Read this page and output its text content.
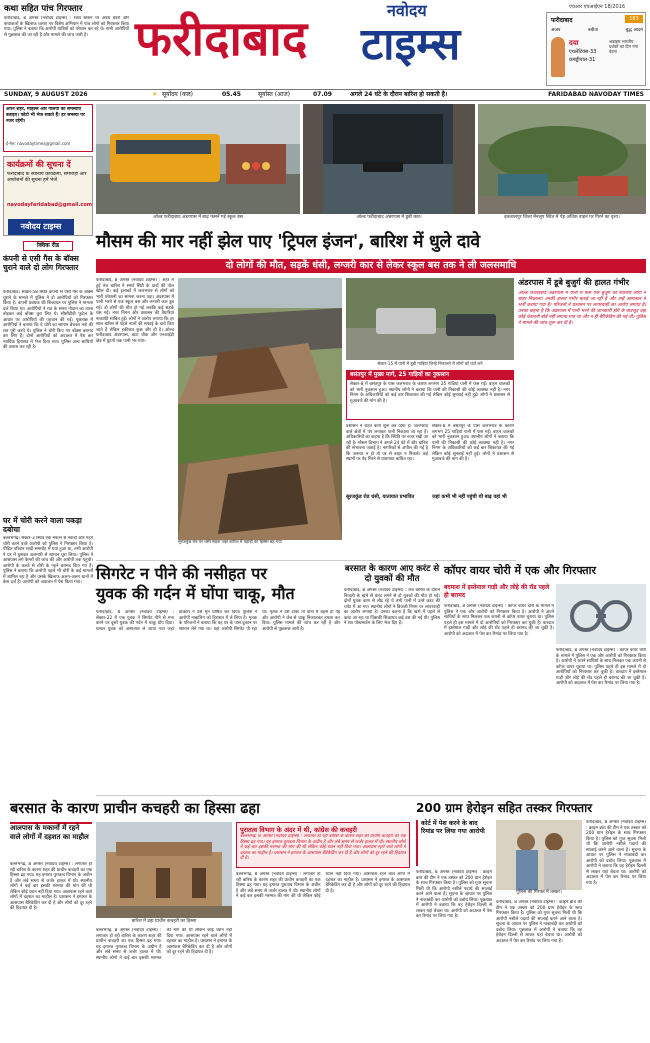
कथा सहित पांच गिरफ्तार
फरीदाबाद, 8 अगस्त (नवोदय टाइम्स) : रेलवे स्टेशन पर अवैध वेंडरों और कथाकारों के खिलाफ चलाए गए विशेष अभियान में पांच लोगों को गिरफ्तार किया गया। पुलिस ने बताया कि आरोपी यात्रियों को परेशान कर रहे थे। सभी आरोपियों से पूछताछ की जा रही है और मामले की जांच जारी है। फरीदाबाद
नवोदय
टाइम्स
एचआर एचआईएन 18/2016
फरीदाबाद	183
अजय	बबीता	बुद्ध आदम
दया
एथलेटिक्स-33
कबड्डीवाल-31
अब्राहम भारतीय दर्शकों का दिन नंगा वेदना
SUNDAY, 9 AUGUST 2026	☀ सूर्योदय (कल)	05.45	सूर्यास्त (आज)	07.09	अगले 24 घंटे के दौरान बारिश हो सकती है।	FARIDABAD NAVODAY TIMES
अपने शहर, मोहल्ले और गलियों की समस्याएं बताइए। फोटो भी भेज सकते हैं। हर समस्या पर नजर रहेगी।
ई-मेल: navodaytimes@gmail.com
कार्यक्रमों की सूचना दें
फरीदाबाद के स्थानीय कार्यक्रमों, समारोहों और आयोजनों की सूचना हमें भेजें
navodayfaridabad@gmail.com
नवोदय टाइम्स
क्विक रीड
कंपनी से एसी गैस के बॉक्स चुराने वाले दो लोग गिरफ्तार
फरीदाबाद। सेक्टर-58 स्थित कंपनी से एसी गैस के बॉक्स चुराने के मामले में पुलिस ने दो आरोपियों को गिरफ्तार किया है। कंपनी प्रबंधक की शिकायत पर पुलिस ने मामला दर्ज किया था। आरोपियों ने रात के समय गोदाम का ताला तोड़कर कई बॉक्स चुरा लिए थे। सीसीटीवी फुटेज के आधार पर आरोपियों की पहचान की गई। पूछताछ में आरोपियों ने बताया कि वे चोरी का सामान बेचकर नशे की लत पूरी करते थे। पुलिस ने चोरी किए गए बॉक्स बरामद कर लिए हैं। दोनों आरोपियों को अदालत में पेश कर न्यायिक हिरासत में भेज दिया गया। पुलिस अन्य साथियों की तलाश कर रही है।
घर में चोरी करने वाला पकड़ा दबोचा
बल्लभगढ़। सेक्टर-3 स्थित एक मकान से नकदी और गहने चोरी करने वाले आरोपी को पुलिस ने गिरफ्तार किया है। पीड़ित परिवार शादी समारोह में गया हुआ था, तभी आरोपी ने घर में घुसकर अलमारी से सामान चुरा लिया। पुलिस ने आसपास लगे कैमरों की जांच की और आरोपी तक पहुंची। आरोपी के कब्जे से चोरी के गहने बरामद किए गए हैं। पुलिस ने बताया कि आरोपी पहले भी चोरी के कई मामलों में शामिल रहा है और उसके खिलाफ अलग-अलग थानों में केस दर्ज हैं। आरोपी को अदालत में पेश किया गया।
ओल्ड फरीदाबाद अंडरपास में बाढ़ फंसने गई स्कूल बस	ओल्ड फरीदाबाद अंडरपास में डूबी कार।	इकबालपुर जिला मेंनलूप स्थित में पेड़ अधिक वाहन पर गिरने का दृश्य।
मौसम की मार नहीं झेल पाए 'ट्रिपल इंजन', बारिश में धुले दावे
दो लोगों की मौत, सड़कें धंसी, लग्जरी कार से लेकर स्कूल बस तक ने ली जलसमाधि
फरीदाबाद, 8 अगस्त (नवोदय टाइम्स) : शहर में हुई तेज बारिश ने स्मार्ट सिटी के दावों की पोल खोल दी। कई इलाकों में जलभराव से लोगों को भारी परेशानी का सामना करना पड़ा। अंडरपास में पानी भरने से एक स्कूल बस और लग्जरी कार डूब गई। दो लोगों की मौत हो गई जबकि कई सड़कें धंस गईं। नगर निगम और प्रशासन की तैयारियां नाकाफी साबित हुईं। लोगों ने आरोप लगाया कि हर साल बारिश से पहले नालों की सफाई के दावे किए जाते हैं लेकिन हकीकत कुछ और ही है। ओल्ड फरीदाबाद अंडरपास, बाटा चौक और एनआईटी क्षेत्र में घुटनों तक पानी भर गया।
सूरजकुंड रोड पर धंसी सड़क जहां बारिश में पहाड़ी का हिस्सा बह गया
सेक्टर-15 में पानी में डूबी गाड़ियां जिन्हें निकालने में लोगों को घंटों लगे
बसंतपुर में मुख्य मार्ग, 25 गाड़ियों का नुकसान
सेक्टर-8 में बसंतपुर के पास जलभराव के कारण लगभग 25 गाड़ियां पानी में फंस गईं। वाहन चालकों को भारी नुकसान हुआ। स्थानीय लोगों ने बताया कि पानी की निकासी की कोई व्यवस्था नहीं है। नगर निगम के अधिकारियों को कई बार शिकायत की गई लेकिन कोई सुनवाई नहीं हुई। लोगों ने प्रशासन से मुआवजे की मांग की है।
प्रशासन ने राहत कार्य शुरू कर दिया है। जलभराव वाले क्षेत्रों में पंप लगाकर पानी निकाला जा रहा है। अधिकारियों का कहना है कि स्थिति पर नजर रखी जा रही है। मौसम विभाग ने अगले 24 घंटे में और बारिश की संभावना जताई है। नागरिकों से अपील की गई है कि जरूरत न हो तो घर से बाहर न निकलें। कई स्थानों पर पेड़ गिरने से यातायात बाधित रहा।
सूरजकुंड रोड धंसी, यातायात प्रभावित
सेक्टर-8 में बसंतपुर के पास जलभराव के कारण लगभग 25 गाड़ियां पानी में फंस गईं। वाहन चालकों को भारी नुकसान हुआ। स्थानीय लोगों ने बताया कि पानी की निकासी की कोई व्यवस्था नहीं है। नगर निगम के अधिकारियों को कई बार शिकायत की गई लेकिन कोई सुनवाई नहीं हुई। लोगों ने प्रशासन से मुआवजे की मांग की है।
जहां कभी भी नहीं पहुंची थी बाढ़ वहां भी
अंडरपास में डूबे बुजुर्ग की हालत गंभीर
ओल्ड फरीदाबाद अंडरपास में पानी में फंसे एक बुजुर्ग को स्थानीय लोगों ने बाहर निकाला। उनकी हालत गंभीर बताई जा रही है और उन्हें अस्पताल में भर्ती कराया गया है। परिजनों ने प्रशासन पर लापरवाही का आरोप लगाया है। उनका कहना है कि अंडरपास में पानी भरने की जानकारी होने के बावजूद वहां कोई चेतावनी बोर्ड नहीं लगाया गया था और न ही बैरिकेडिंग की गई थी। पुलिस ने मामले की जांच शुरू कर दी है।
सिगरेट न पीने की नसीहत पर
युवक की गर्दन में घोंपा चाकू, मौत
फरीदाबाद, 8 अगस्त (नवोदय टाइम्स) : सेक्टर-22 में एक युवक ने सिगरेट पीने से मना करने पर दूसरे युवक की गर्दन में चाकू घोंप दिया। घायल युवक को अस्पताल ले जाया गया जहां डॉक्टरों ने उसे मृत घोषित कर दिया। पुलिस ने आरोपी नाबालिग को हिरासत में ले लिया है। मृतक के परिजनों ने बताया कि वह घर के पास दुकान पर सामान लेने गया था। वहां आरोपी सिगरेट पी रहा था। मृतक ने उसे टोका तो दोनों में बहस हो गई और आरोपी ने जेब से चाकू निकालकर हमला कर दिया। पुलिस मामले की जांच कर रही है और आरोपी से पूछताछ जारी है।
बरसात के कारण आए करंट से दो युवकों की मौत
फरीदाबाद, 8 अगस्त (नवोदय टाइम्स) : तेज बारिश के दौरान बिजली के खंभे से करंट लगने से दो युवकों की मौत हो गई। दोनों युवक काम से लौट रहे थे तभी पानी में उतरे करंट की चपेट में आ गए। स्थानीय लोगों ने बिजली निगम पर लापरवाही का आरोप लगाया है। उनका कहना है कि खंभे में पहले से करंट आ रहा था जिसकी शिकायत कई बार की गई थी। पुलिस ने शव पोस्टमार्टम के लिए भेज दिए हैं।
कॉपर वायर चोरी में एक और गिरफ्तार
बदमाश में इस्तेमाल गाड़ी और लोहे की रॉड पहले ही बरामद
फरीदाबाद, 8 अगस्त (नवोदय टाइम्स) : कॉपर वायर चोरी के मामले में पुलिस ने एक और आरोपी को गिरफ्तार किया है। आरोपी ने अपने साथियों के साथ मिलकर एक कंपनी से कॉपर वायर चुराया था। पुलिस पहले ही इस मामले में दो आरोपियों को गिरफ्तार कर चुकी है। वारदात में इस्तेमाल गाड़ी और लोहे की रॉड पहले ही बरामद की जा चुकी है। आरोपी को अदालत में पेश कर रिमांड पर लिया गया है।
फरीदाबाद, 8 अगस्त (नवोदय टाइम्स) : कॉपर वायर चोरी के मामले में पुलिस ने एक और आरोपी को गिरफ्तार किया है। आरोपी ने अपने साथियों के साथ मिलकर एक कंपनी से कॉपर वायर चुराया था। पुलिस पहले ही इस मामले में दो आरोपियों को गिरफ्तार कर चुकी है। वारदात में इस्तेमाल गाड़ी और लोहे की रॉड पहले ही बरामद की जा चुकी है। आरोपी को अदालत में पेश कर रिमांड पर लिया गया है।
बरसात के कारण प्राचीन कचहरी का हिस्सा ढहा
आलपास के मकानों में रहने वाले लोगों में दहशत का माहौल
बल्लभगढ़, 8 अगस्त (नवोदय टाइम्स) : लगातार हो रही बारिश के कारण शहर की प्राचीन कचहरी का एक हिस्सा ढह गया। यह इमारत पुरातत्व विभाग के अधीन है और लंबे समय से जर्जर हालत में थी। स्थानीय लोगों ने कई बार इसकी मरम्मत की मांग की थी लेकिन कोई ध्यान नहीं दिया गया। आसपास रहने वाले लोगों में दहशत का माहौल है। प्रशासन ने इमारत के आसपास बैरिकेडिंग कर दी है और लोगों को दूर रहने की हिदायत दी है।
बारिश में ढहा प्राचीन कचहरी का हिस्सा
पुरातत्व विभाग के अंदर में थी, कांग्रेस की कचहरी
बल्लभगढ़, 8 अगस्त (नवोदय टाइम्स) : लगातार हो रही बारिश के कारण शहर की प्राचीन कचहरी का एक हिस्सा ढह गया। यह इमारत पुरातत्व विभाग के अधीन है और लंबे समय से जर्जर हालत में थी। स्थानीय लोगों ने कई बार इसकी मरम्मत की मांग की थी लेकिन कोई ध्यान नहीं दिया गया। आसपास रहने वाले लोगों में दहशत का माहौल है। प्रशासन ने इमारत के आसपास बैरिकेडिंग कर दी है और लोगों को दूर रहने की हिदायत दी है।
बल्लभगढ़, 8 अगस्त (नवोदय टाइम्स) : लगातार हो रही बारिश के कारण शहर की प्राचीन कचहरी का एक हिस्सा ढह गया। यह इमारत पुरातत्व विभाग के अधीन है और लंबे समय से जर्जर हालत में थी। स्थानीय लोगों ने कई बार इसकी मरम्मत की मांग की थी लेकिन कोई ध्यान नहीं दिया गया। आसपास रहने वाले लोगों में दहशत का माहौल है। प्रशासन ने इमारत के आसपास बैरिकेडिंग कर दी है और लोगों को दूर रहने की हिदायत दी है।
बल्लभगढ़, 8 अगस्त (नवोदय टाइम्स) : लगातार हो रही बारिश के कारण शहर की प्राचीन कचहरी का एक हिस्सा ढह गया। यह इमारत पुरातत्व विभाग के अधीन है और लंबे समय से जर्जर हालत में थी। स्थानीय लोगों ने कई बार इसकी मरम्मत की मांग की थी लेकिन कोई ध्यान नहीं दिया गया। आसपास रहने वाले लोगों में दहशत का माहौल है। प्रशासन ने इमारत के आसपास बैरिकेडिंग कर दी है और लोगों को दूर रहने की हिदायत दी है।
200 ग्राम हेरोइन सहित तस्कर गिरफ्तार
कोर्ट में पेश करने के बाद रिमांड पर लिया गया आरोपी
पुलिस की गिरफ्त में तस्कर।
फरीदाबाद, 8 अगस्त (नवोदय टाइम्स) : क्राइम ब्रांच की टीम ने एक तस्कर को 200 ग्राम हेरोइन के साथ गिरफ्तार किया है। पुलिस को गुप्त सूचना मिली थी कि आरोपी नशीले पदार्थ की सप्लाई करने आने वाला है। सूचना के आधार पर पुलिस ने नाकाबंदी कर आरोपी को दबोच लिया। पूछताछ में आरोपी ने बताया कि वह हेरोइन दिल्ली से लाकर यहां बेचता था। आरोपी को अदालत में पेश कर रिमांड पर लिया गया है।
फरीदाबाद, 8 अगस्त (नवोदय टाइम्स) : क्राइम ब्रांच की टीम ने एक तस्कर को 200 ग्राम हेरोइन के साथ गिरफ्तार किया है। पुलिस को गुप्त सूचना मिली थी कि आरोपी नशीले पदार्थ की सप्लाई करने आने वाला है। सूचना के आधार पर पुलिस ने नाकाबंदी कर आरोपी को दबोच लिया। पूछताछ में आरोपी ने बताया कि वह हेरोइन दिल्ली से लाकर यहां बेचता था। आरोपी को अदालत में पेश कर रिमांड पर लिया गया है।
फरीदाबाद, 8 अगस्त (नवोदय टाइम्स) : क्राइम ब्रांच की टीम ने एक तस्कर को 200 ग्राम हेरोइन के साथ गिरफ्तार किया है। पुलिस को गुप्त सूचना मिली थी कि आरोपी नशीले पदार्थ की सप्लाई करने आने वाला है। सूचना के आधार पर पुलिस ने नाकाबंदी कर आरोपी को दबोच लिया। पूछताछ में आरोपी ने बताया कि वह हेरोइन दिल्ली से लाकर यहां बेचता था। आरोपी को अदालत में पेश कर रिमांड पर लिया गया है।
